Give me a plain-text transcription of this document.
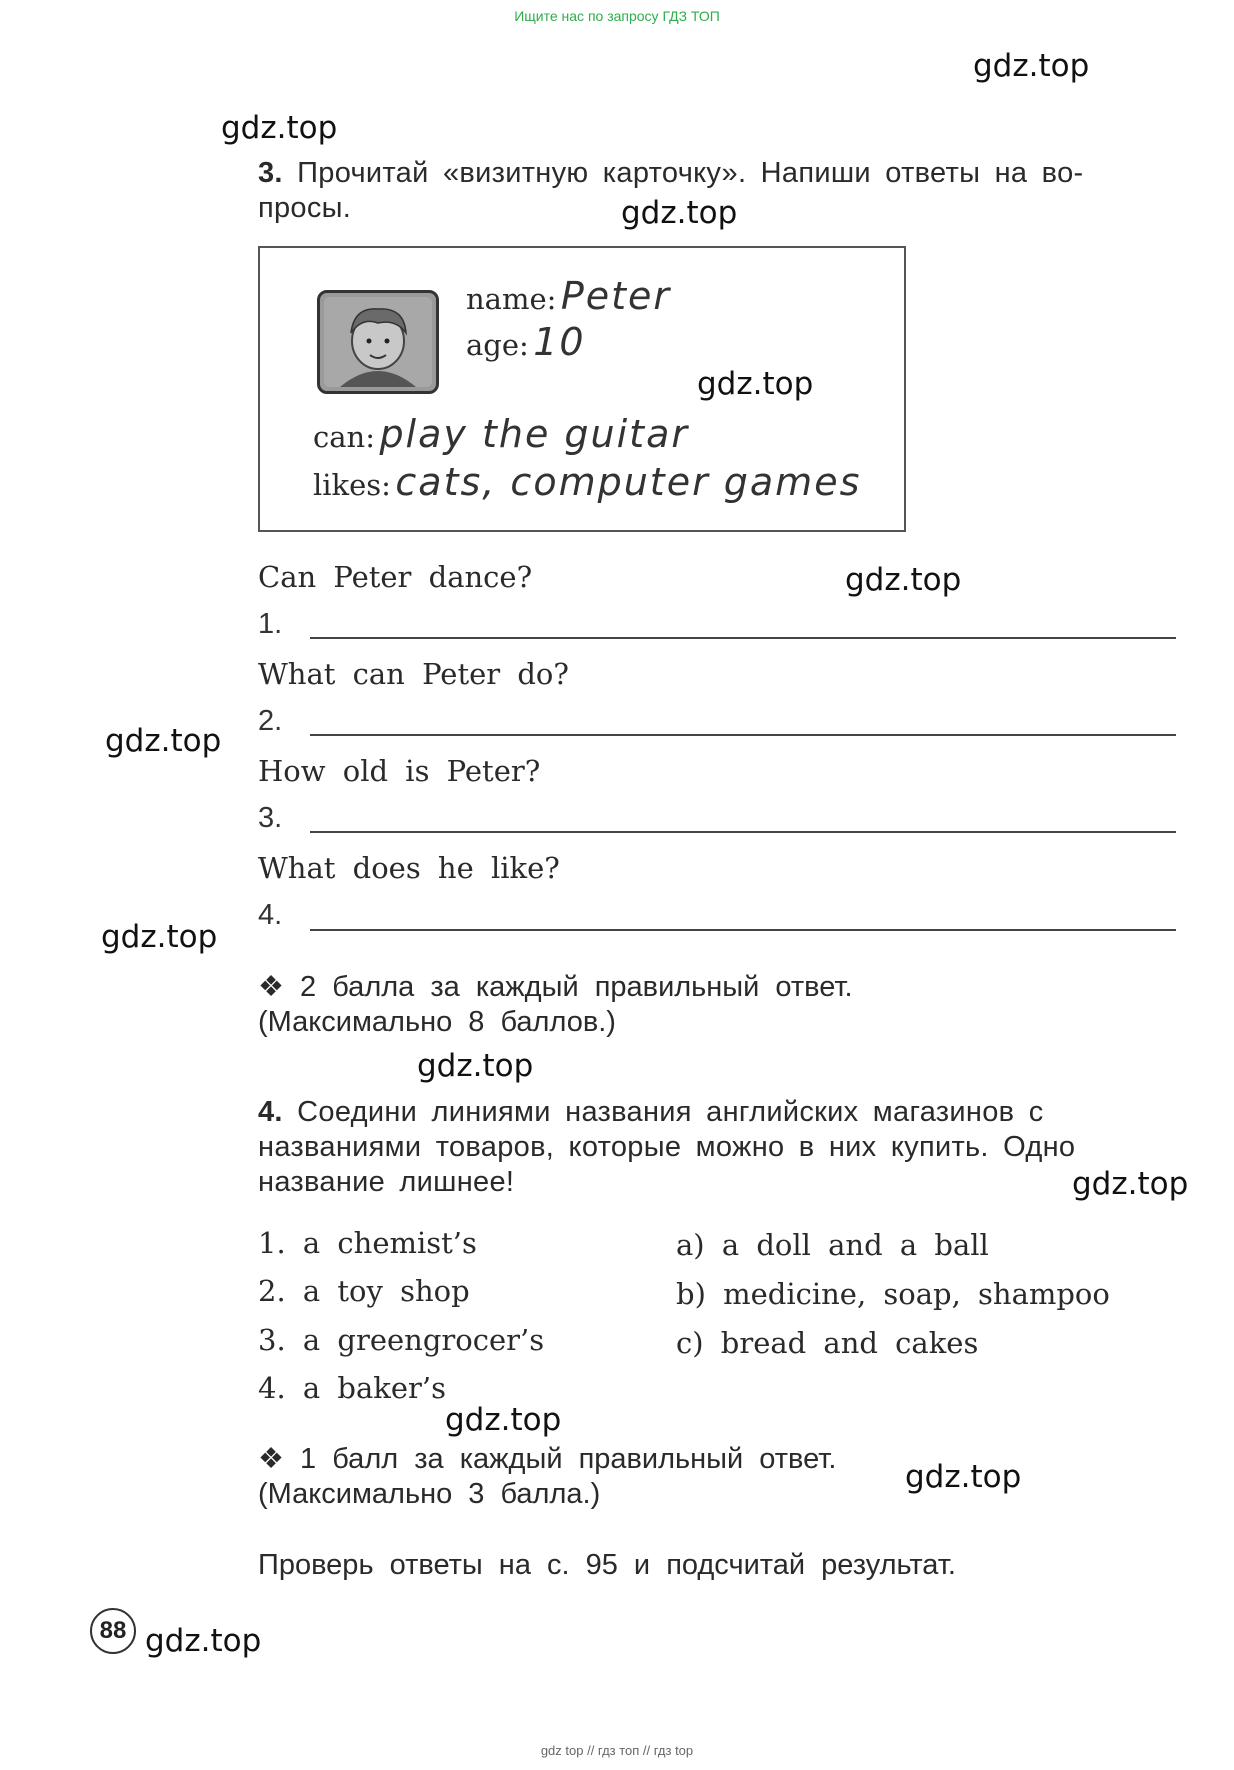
Ищите нас по запросу ГДЗ ТОП
gdz.top
gdz.top
gdz.top
gdz.top
gdz.top
gdz.top
gdz.top
gdz.top
gdz.top
gdz.top
gdz.top
gdz.top
3. Прочитай «визитную карточку». Напиши ответы на во-
просы.
name: Peter
age: 10
can: play the guitar
likes: cats, computer games
Can Peter dance?
1.
What can Peter do?
2.
How old is Peter?
3.
What does he like?
4.
❖ 2 балла за каждый правильный ответ.
(Максимально 8 баллов.)
4. Соедини линиями названия английских магазинов с
названиями товаров, которые можно в них купить. Одно
название лишнее!
1. a chemist’s
2. a toy shop
3. a greengrocer’s
4. a baker’s
a) a doll and a ball
b) medicine, soap, shampoo
c) bread and cakes
❖ 1 балл за каждый правильный ответ.
(Максимально 3 балла.)
Проверь ответы на с. 95 и подсчитай результат.
88
gdz top // гдз топ // гдз top
